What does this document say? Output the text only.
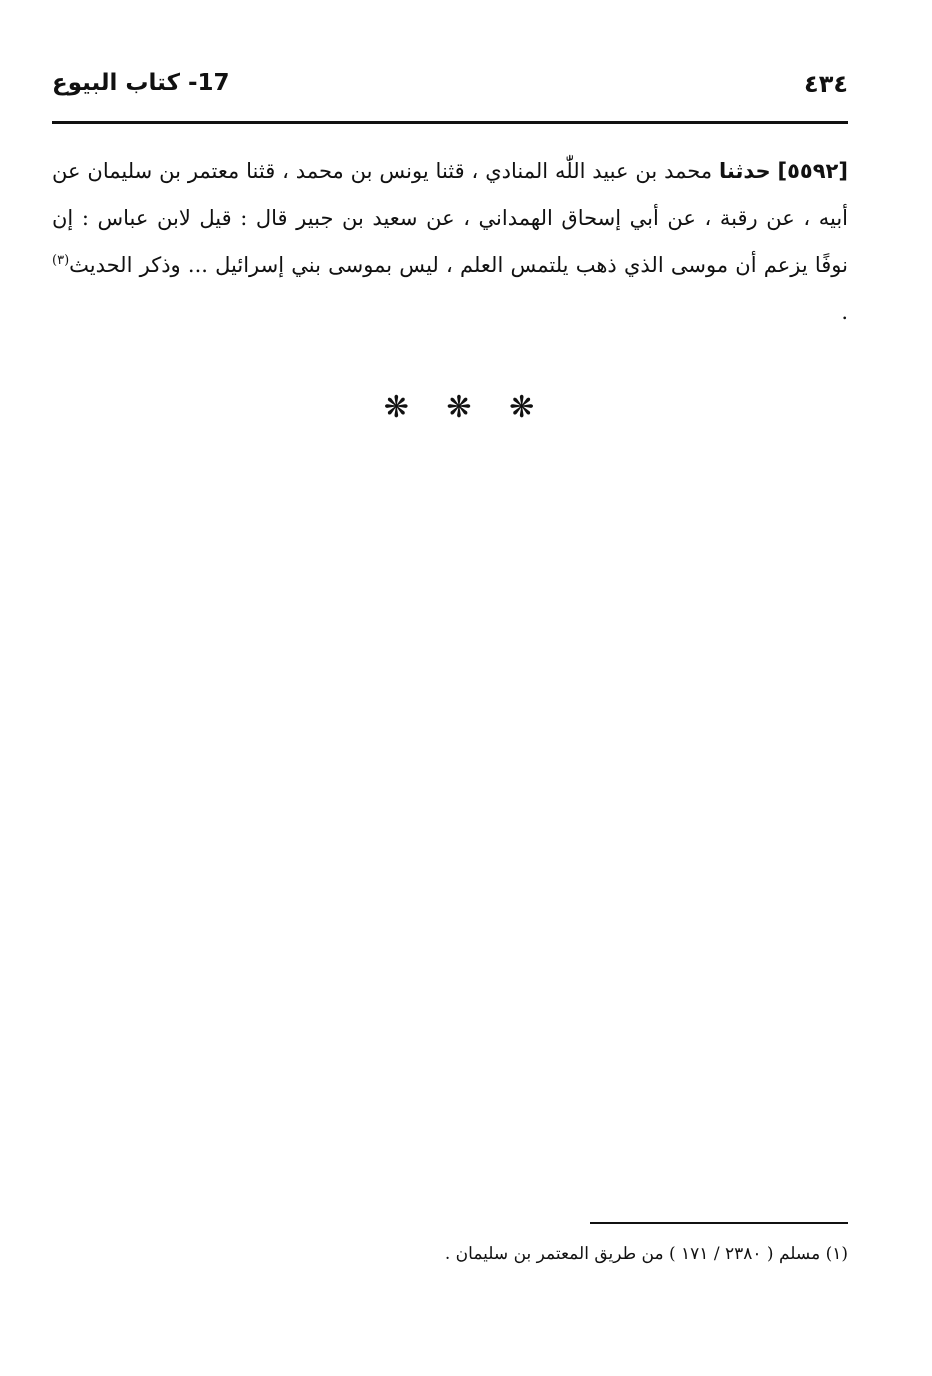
17- كتاب البيوع	٤٣٤
[٥٥٩٢] حدثنا محمد بن عبيد اللّٰه المنادي ، قثنا يونس بن محمد ، قثنا معتمر بن سليمان عن أبيه ، عن رقبة ، عن أبي إسحاق الهمداني ، عن سعيد بن جبير قال : قيل لابن عباس : إن نوفًا يزعم أن موسى الذي ذهب يلتمس العلم ، ليس بموسى بني إسرائيل ... وذكر الحديث$^{(٣)}$ .
❋ ❋ ❋
(١) مسلم ( ٢٣٨٠ / ١٧١ ) من طريق المعتمر بن سليمان .
